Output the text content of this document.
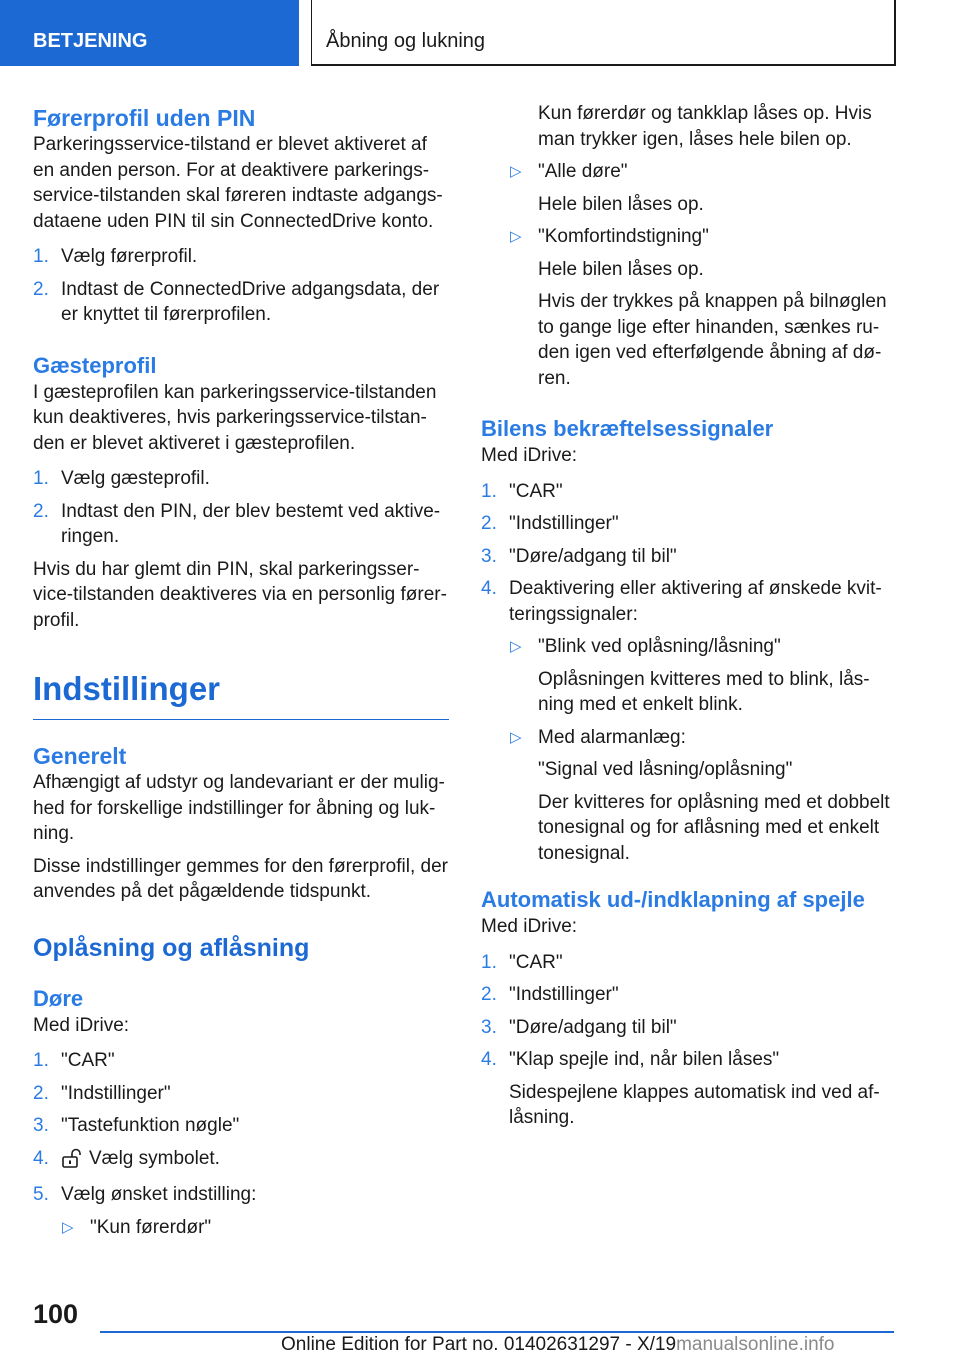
BETJENING	Åbning og lukning
Førerprofil uden PIN

Parkeringsservice-tilstand er blevet aktiveret af en anden person. For at deaktivere parkerings-service-tilstanden skal føreren indtaste adgangs-dataene uden PIN til sin ConnectedDrive konto.

1. Vælg førerprofil.
2. Indtast de ConnectedDrive adgangsdata, der er knyttet til førerprofilen.
Gæsteprofil

I gæsteprofilen kan parkeringsservice-tilstanden kun deaktiveres, hvis parkeringsservice-tilstan-den er blevet aktiveret i gæsteprofilen.

1. Vælg gæsteprofil.
2. Indtast den PIN, der blev bestemt ved aktive-ringen.

Hvis du har glemt din PIN, skal parkeringsser-vice-tilstanden deaktiveres via en personlig fører-profil.

Indstillinger
Generelt

Afhængigt af udstyr og landevariant er der mulig-hed for forskellige indstillinger for åbning og luk-ning.

Disse indstillinger gemmes for den førerprofil, der anvendes på det pågældende tidspunkt.

Oplåsning og aflåsning
Døre

Med iDrive:

1. "CAR"
2. "Indstillinger"
3. "Tastefunktion nøgle"
4. Vælg symbolet.
5. Vælg ønsket indstilling:
▷ "Kun førerdør"
Kun førerdør og tankklap låses op. Hvis man trykker igen, låses hele bilen op.
▷ "Alle døre"
Hele bilen låses op.
▷ "Komfortindstigning"
Hele bilen låses op.
Hvis der trykkes på knappen på bilnøglen to gange lige efter hinanden, sænkes ru-den igen ved efterfølgende åbning af dø-ren.
Bilens bekræftelsessignaler

Med iDrive:

1. "CAR"
2. "Indstillinger"
3. "Døre/adgang til bil"
4. Deaktivering eller aktivering af ønskede kvit-teringssignaler:
▷ "Blink ved oplåsning/låsning"
Oplåsningen kvitteres med to blink, lås-ning med et enkelt blink.
▷ Med alarmanlæg:
"Signal ved låsning/oplåsning"
Der kvitteres for oplåsning med et dobbelt tonesignal og for aflåsning med et enkelt tonesignal.
Automatisk ud-/indklapning af spejle

Med iDrive:

1. "CAR"
2. "Indstillinger"
3. "Døre/adgang til bil"
4. "Klap spejle ind, når bilen låses"
Sidespejlene klappes automatisk ind ved af-låsning.
100
Online Edition for Part no. 01402631297 - X/19manualsonline.info
